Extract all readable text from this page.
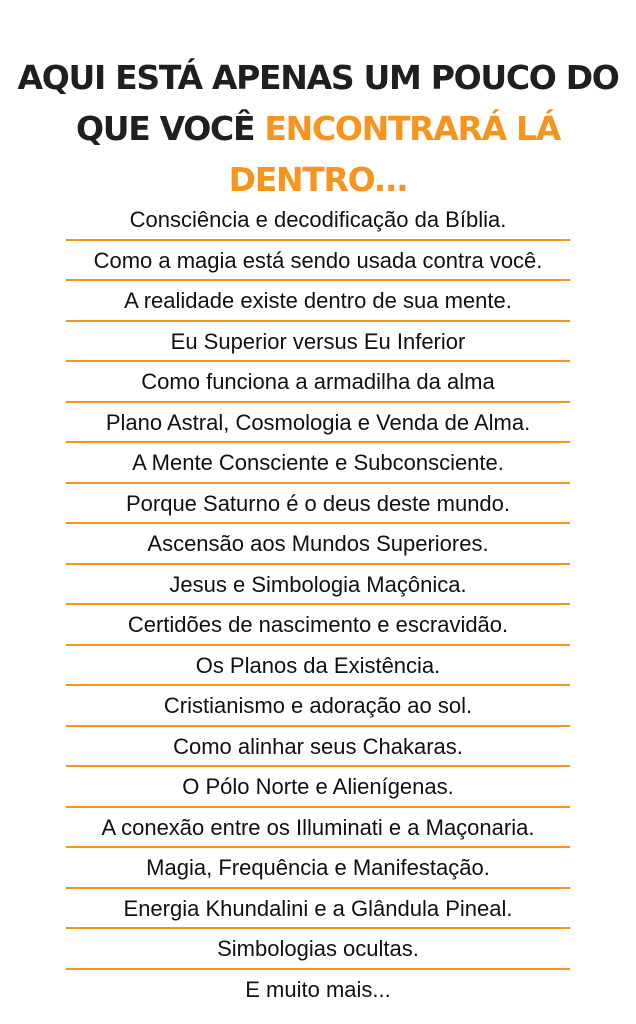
AQUI ESTÁ APENAS UM POUCO DO
QUE VOCÊ ENCONTRARÁ LÁ
DENTRO...
Consciência e decodificação da Bíblia.
Como a magia está sendo usada contra você.
A realidade existe dentro de sua mente.
Eu Superior versus Eu Inferior
Como funciona a armadilha da alma
Plano Astral, Cosmologia e Venda de Alma.
A Mente Consciente e Subconsciente.
Porque Saturno é o deus deste mundo.
Ascensão aos Mundos Superiores.
Jesus e Simbologia Maçônica.
Certidões de nascimento e escravidão.
Os Planos da Existência.
Cristianismo e adoração ao sol.
Como alinhar seus Chakaras.
O Pólo Norte e Alienígenas.
A conexão entre os Illuminati e a Maçonaria.
Magia, Frequência e Manifestação.
Energia Khundalini e a Glândula Pineal.
Simbologias ocultas.
E muito mais...
